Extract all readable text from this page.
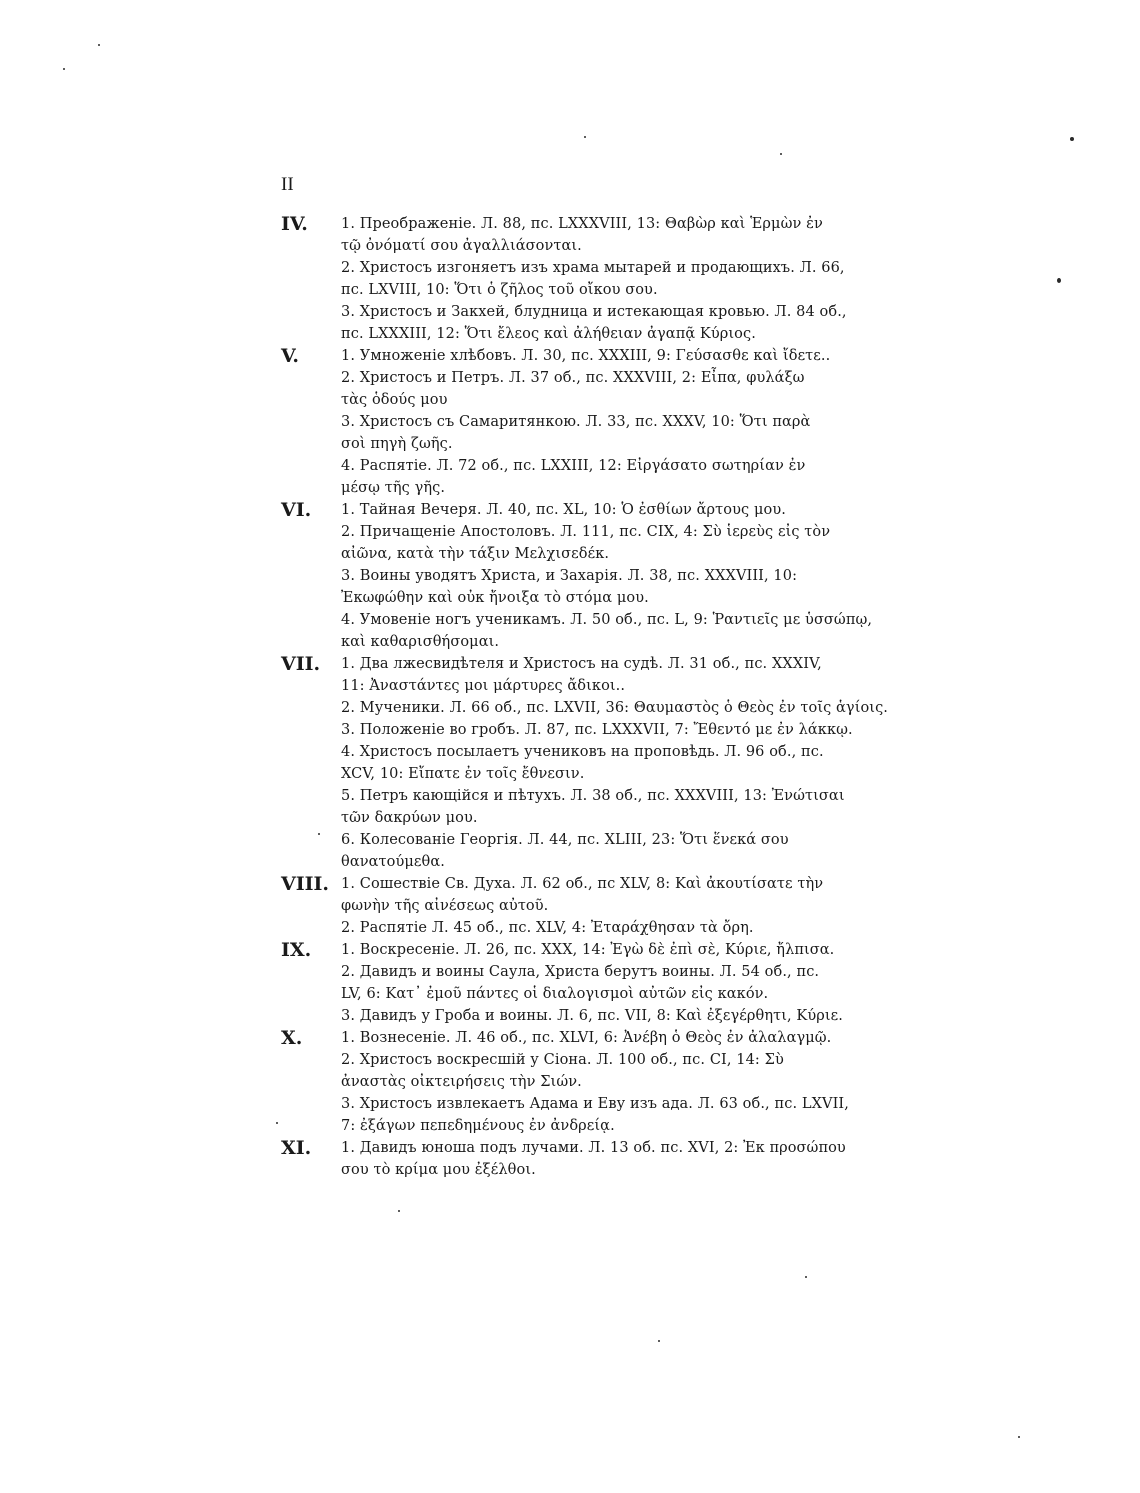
II
IV. 1. Преображеніе. Л. 88, пс. LXXXVIII, 13: Θαβὼρ καὶ Ἑρμὼν ἐν
τῷ ὀνόματί σου ἀγαλλιάσονται.
2. Христосъ изгоняетъ изъ храма мытарей и продающихъ. Л. 66,
пс. LXVIII, 10: Ὅτι ὁ ζῆλος τοῦ οἴκου σου.
3. Христосъ и Закхей, блудница и истекающая кровью. Л. 84 об.,
пс. LXXXIII, 12: Ὅτι ἔλεος καὶ ἀλήθειαν ἀγαπᾷ Κύριος.
V.	1. Умноженіе хлѣбовъ. Л. 30, пс. XXXIII, 9: Γεύσασθε καὶ ἴδετε..
2. Христосъ и Петръ. Л. 37 об., пс. XXXVIII, 2: Εἶπα, φυλάξω
τὰς ὁδούς μου
3. Христосъ съ Самаритянкою. Л. 33, пс. XXXV, 10: Ὅτι παρὰ
σοὶ πηγὴ ζωῆς.
4. Распятіе. Л. 72 об., пс. LXXIII, 12: Εἰργάσατο σωτηρίαν ἐν
μέσῳ τῆς γῆς.
VI. 1. Тайная Вечеря. Л. 40, пс. XL, 10: Ὁ ἐσθίων ἄρτους μου.
2. Причащеніе Апостоловъ. Л. 111, пс. CIX, 4: Σὺ ἱερεὺς εἰς τὸν
αἰῶνα, κατὰ τὴν τάξιν Μελχισεδέκ.
3. Воины уводятъ Христа, и Захарія. Л. 38, пс. XXXVIII, 10:
Ἐκωφώθην καὶ οὐκ ἤνοιξα τὸ στόμα μου.
4. Умовеніе ногъ ученикамъ. Л. 50 об., пс. L, 9: Ῥαντιεῖς με ὑσσώπῳ,
καὶ καθαρισθήσομαι.
VII. 1. Два лжесвидѣтеля и Христосъ на судѣ. Л. 31 об., пс. XXXIV,
11: Ἀναστάντες μοι μάρτυρες ἄδικοι..
2. Мученики. Л. 66 об., пс. LXVII, 36: Θαυμαστὸς ὁ Θεὸς ἐν τοῖς ἁγίοις.
3. Положеніе во гробъ. Л. 87, пс. LXXXVII, 7: Ἔθεντό με ἐν λάκκῳ.
4. Христосъ посылаетъ учениковъ на проповѣдь. Л. 96 об., пс.
XCV, 10: Εἴπατε ἐν τοῖς ἔθνεσιν.
5. Петръ кающійся и пѣтухъ. Л. 38 об., пс. XXXVIII, 13: Ἐνώτισαι
τῶν δακρύων μου.
6. Колесованіе Георгія. Л. 44, пс. XLIII, 23: Ὅτι ἕνεκά σου
θανατούμεθα.
VIII. 1. Сошествіе Св. Духа. Л. 62 об., пс XLV, 8: Καὶ ἀκουτίσατε τὴν
φωνὴν τῆς αἰνέσεως αὐτοῦ.
2. Распятіе Л. 45 об., пс. XLV, 4: Ἐταράχθησαν τὰ ὄρη.
IX. 1. Воскресеніе. Л. 26, пс. XXX, 14: Ἐγὼ δὲ ἐπὶ σὲ, Κύριε, ἤλπισα.
2. Давидъ и воины Саула, Христа берутъ воины. Л. 54 об., пс.
LV, 6: Κατ᾽ ἐμοῦ πάντες οἱ διαλογισμοὶ αὐτῶν εἰς κακόν.
3. Давидъ у Гроба и воины. Л. 6, пс. VII, 8: Καὶ ἐξεγέρθητι, Κύριε.
X.	1. Вознесеніе. Л. 46 об., пс. XLVI, 6: Ἀνέβη ὁ Θεὸς ἐν ἀλαλαγμῷ.
2. Христосъ воскресшій у Сіона. Л. 100 об., пс. CI, 14: Σὺ
ἀναστὰς οἰκτειρήσεις τὴν Σιών.
3. Христосъ извлекаетъ Адама и Еву изъ ада. Л. 63 об., пс. LXVII,
7: ἐξάγων πεπεδημένους ἐν ἀνδρείᾳ.
XI. 1. Давидъ юноша подъ лучами. Л. 13 об. пс. XVI, 2: Ἐκ προσώπου
σου τὸ κρίμα μου ἐξέλθοι.
